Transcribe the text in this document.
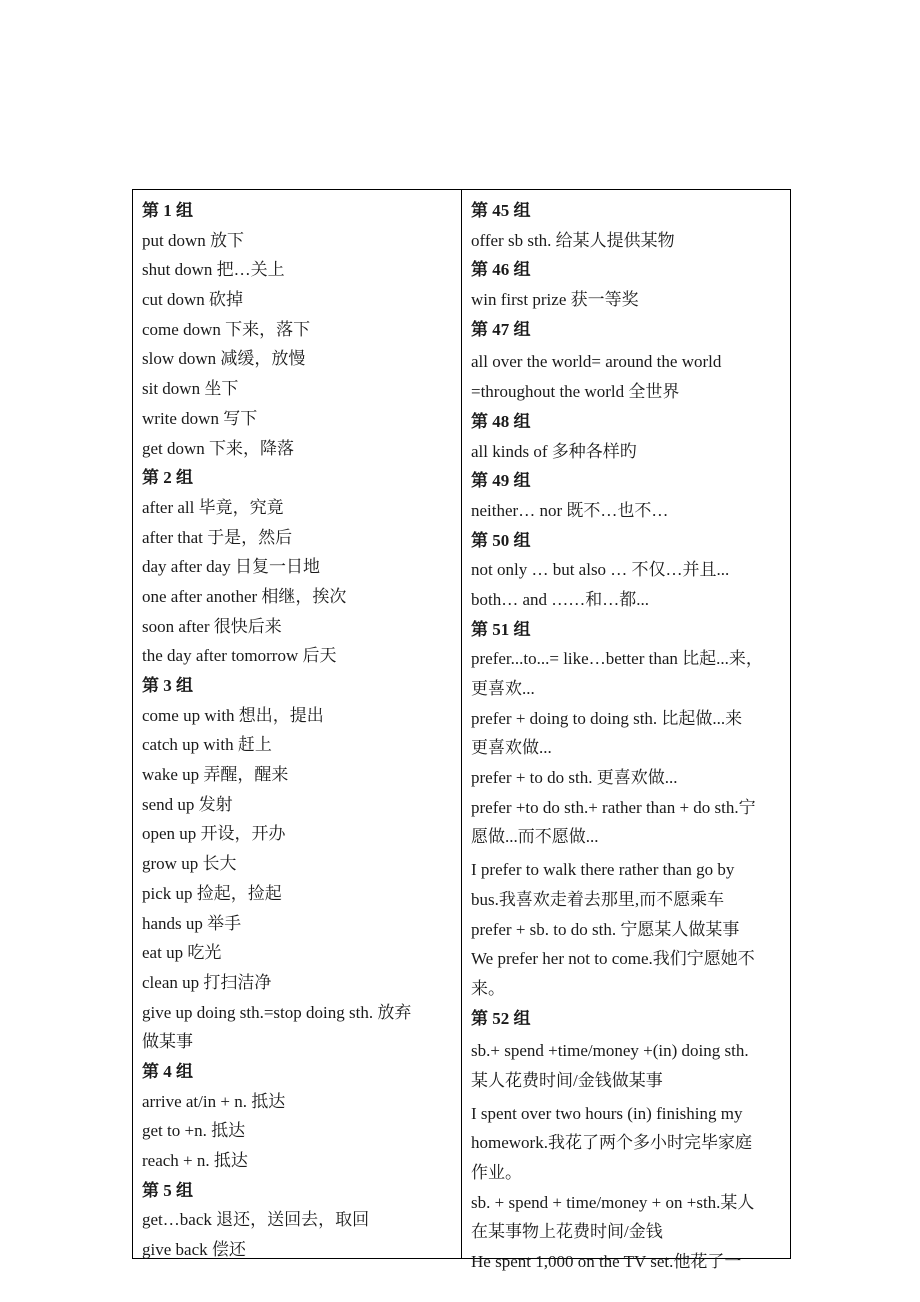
第 1 组
put down 放下
shut down 把…关上
cut down 砍掉
come down 下来，落下
slow down 减缓，放慢
sit down 坐下
write down 写下
get down 下来，降落
第 2 组
after all 毕竟，究竟
after that 于是，然后
day after day 日复一日地
one after another 相继，挨次
soon after 很快后来
the day after tomorrow 后天
第 3 组
come up with 想出，提出
catch up with 赶上
wake up 弄醒，醒来
send up 发射
open up 开设，开办
grow up 长大
pick up 捡起，捡起
hands up 举手
eat up 吃光
clean up 打扫洁净
give up doing sth.=stop doing sth. 放弃
做某事
第 4 组
arrive at/in + n. 抵达
get to +n. 抵达
reach + n. 抵达
第 5 组
get…back 退还，送回去，取回
give back 偿还
第 45 组
offer sb sth. 给某人提供某物
第 46 组
win first prize 获一等奖
第 47 组
all over the world= around the world
=throughout the world 全世界
第 48 组
all kinds of 多种各样旳
第 49 组
neither… nor 既不…也不…
第 50 组
not only … but also … 不仅…并且...
both… and ……和…都...
第 51 组
prefer...to...= like…better than 比起...来，
更喜欢...
prefer + doing to doing sth. 比起做...来
更喜欢做...
prefer + to do sth. 更喜欢做...
prefer +to do sth.+ rather than + do sth.宁
愿做...而不愿做...
I prefer to walk there rather than go by
bus.我喜欢走着去那里,而不愿乘车
prefer + sb. to do sth. 宁愿某人做某事
We prefer her not to come.我们宁愿她不
来。
第 52 组
sb.+ spend +time/money +(in) doing sth.
某人花费时间/金钱做某事
I spent over two hours (in) finishing my
homework.我花了两个多小时完毕家庭
作业。
sb. + spend + time/money + on +sth.某人
在某事物上花费时间/金钱
He spent 1,000 on the TV set.他花了一
